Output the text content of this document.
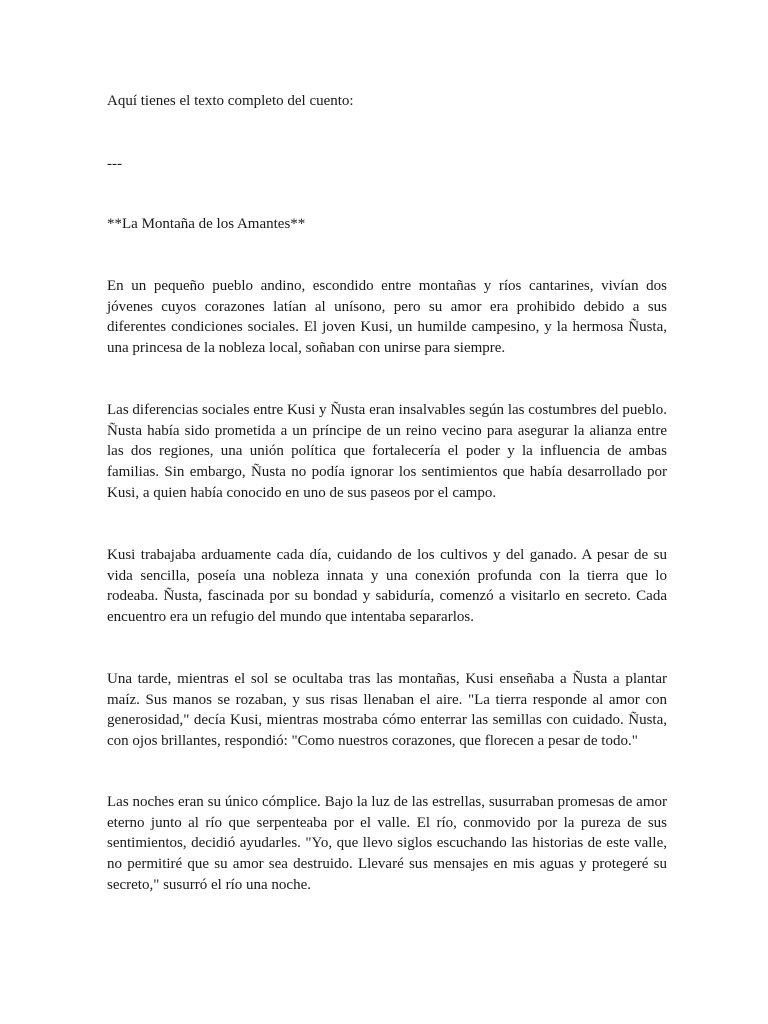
Aquí tienes el texto completo del cuento:
---
**La Montaña de los Amantes**

En un pequeño pueblo andino, escondido entre montañas y ríos cantarines, vivían dos jóvenes cuyos corazones latían al unísono, pero su amor era prohibido debido a sus diferentes condiciones sociales. El joven Kusi, un humilde campesino, y la hermosa Ñusta, una princesa de la nobleza local, soñaban con unirse para siempre.

Las diferencias sociales entre Kusi y Ñusta eran insalvables según las costumbres del pueblo. Ñusta había sido prometida a un príncipe de un reino vecino para asegurar la alianza entre las dos regiones, una unión política que fortalecería el poder y la influencia de ambas familias. Sin embargo, Ñusta no podía ignorar los sentimientos que había desarrollado por Kusi, a quien había conocido en uno de sus paseos por el campo.

Kusi trabajaba arduamente cada día, cuidando de los cultivos y del ganado. A pesar de su vida sencilla, poseía una nobleza innata y una conexión profunda con la tierra que lo rodeaba. Ñusta, fascinada por su bondad y sabiduría, comenzó a visitarlo en secreto. Cada encuentro era un refugio del mundo que intentaba separarlos.

Una tarde, mientras el sol se ocultaba tras las montañas, Kusi enseñaba a Ñusta a plantar maíz. Sus manos se rozaban, y sus risas llenaban el aire. "La tierra responde al amor con generosidad," decía Kusi, mientras mostraba cómo enterrar las semillas con cuidado. Ñusta, con ojos brillantes, respondió: "Como nuestros corazones, que florecen a pesar de todo."

Las noches eran su único cómplice. Bajo la luz de las estrellas, susurraban promesas de amor eterno junto al río que serpenteaba por el valle. El río, conmovido por la pureza de sus sentimientos, decidió ayudarles. "Yo, que llevo siglos escuchando las historias de este valle, no permitiré que su amor sea destruido. Llevaré sus mensajes en mis aguas y protegeré su secreto," susurró el río una noche.
